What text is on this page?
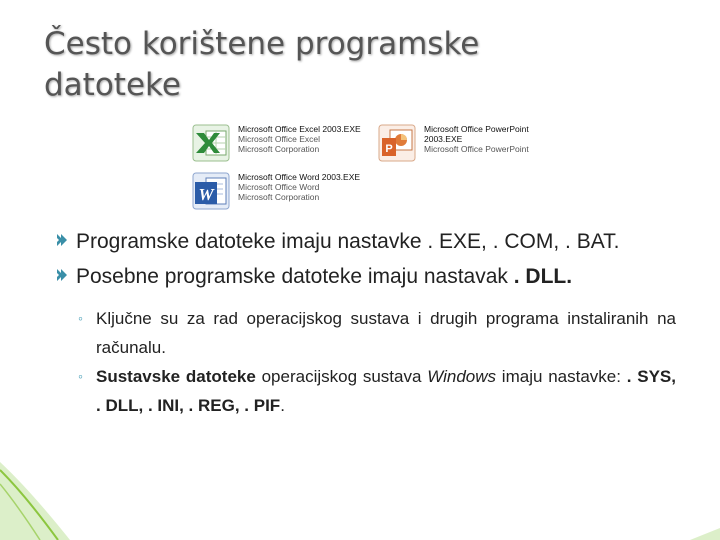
Često korištene programske datoteke
Microsoft Office Excel 2003.EXE
Microsoft Office Excel
Microsoft Corporation	P
Microsoft Office PowerPoint 2003.EXE
Microsoft Office PowerPoint
W
Microsoft Office Word 2003.EXE
Microsoft Office Word
Microsoft Corporation
Programske datoteke imaju nastavke . EXE, . COM, . BAT.
Posebne programske datoteke imaju nastavak . DLL.
◦ Ključne su za rad operacijskog sustava i drugih programa instaliranih na računalu.
◦ Sustavske datoteke operacijskog sustava Windows imaju nastavke: . SYS, . DLL, . INI, . REG, . PIF.
